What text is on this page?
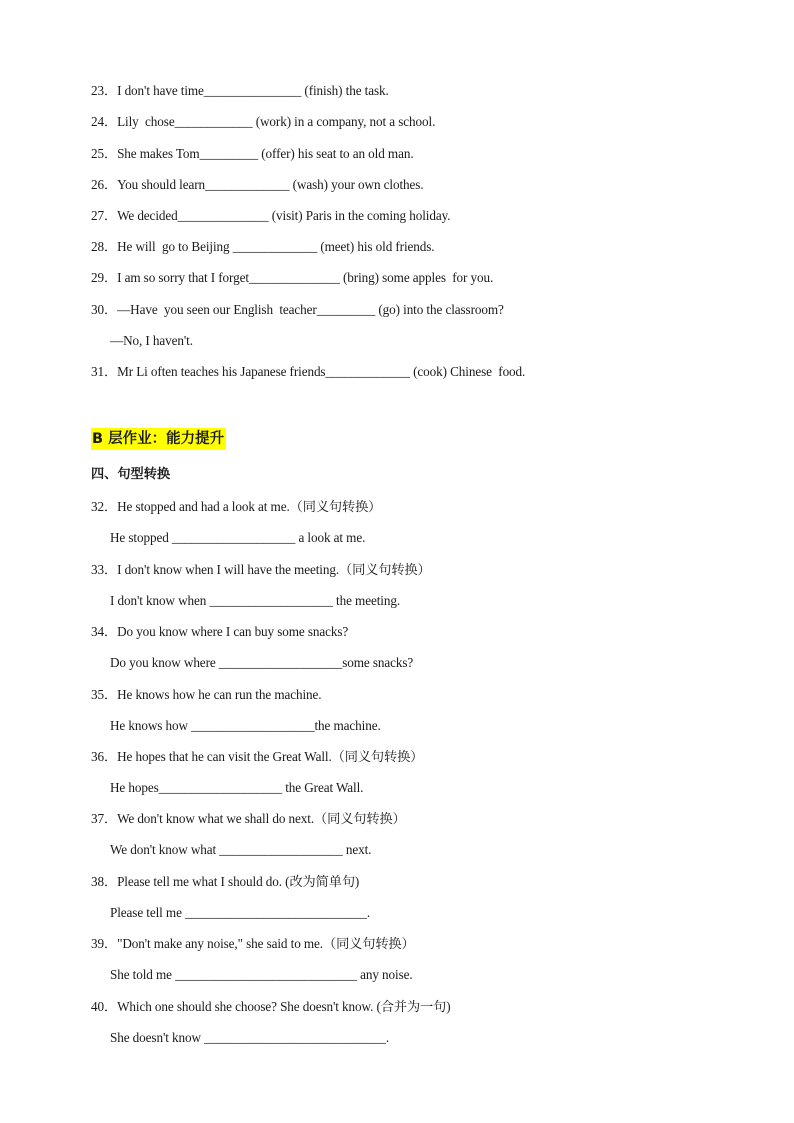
23．I don't have time_______________ (finish) the task.
24．Lily  chose____________ (work) in a company, not a school.
25．She makes Tom_________ (offer) his seat to an old man.
26．You should learn_____________ (wash) your own clothes.
27．We decided______________ (visit) Paris in the coming holiday.
28．He will  go to Beijing _____________ (meet) his old friends.
29．I am so sorry that I forget______________ (bring) some apples  for you.
30．—Have  you seen our English  teacher_________ (go) into the classroom?
—No, I haven't.
31．Mr Li often teaches his Japanese friends_____________ (cook) Chinese  food.
B 层作业：能力提升
四、句型转换
32．He stopped and had a look at me.（同义句转换）
He stopped ___________________ a look at me.
33．I don't know when I will have the meeting.（同义句转换）
I don't know when ___________________ the meeting.
34．Do you know where I can buy some snacks?
Do you know where ___________________some snacks?
35．He knows how he can run the machine.
He knows how ___________________the machine.
36．He hopes that he can visit the Great Wall.（同义句转换）
He hopes___________________ the Great Wall.
37．We don't know what we shall do next.（同义句转换）
We don't know what ___________________ next.
38．Please tell me what I should do. (改为简单句)
Please tell me ____________________________.
39．"Don't make any noise," she said to me.（同义句转换）
She told me ____________________________ any noise.
40．Which one should she choose? She doesn't know. (合并为一句)
She doesn't know ____________________________.
